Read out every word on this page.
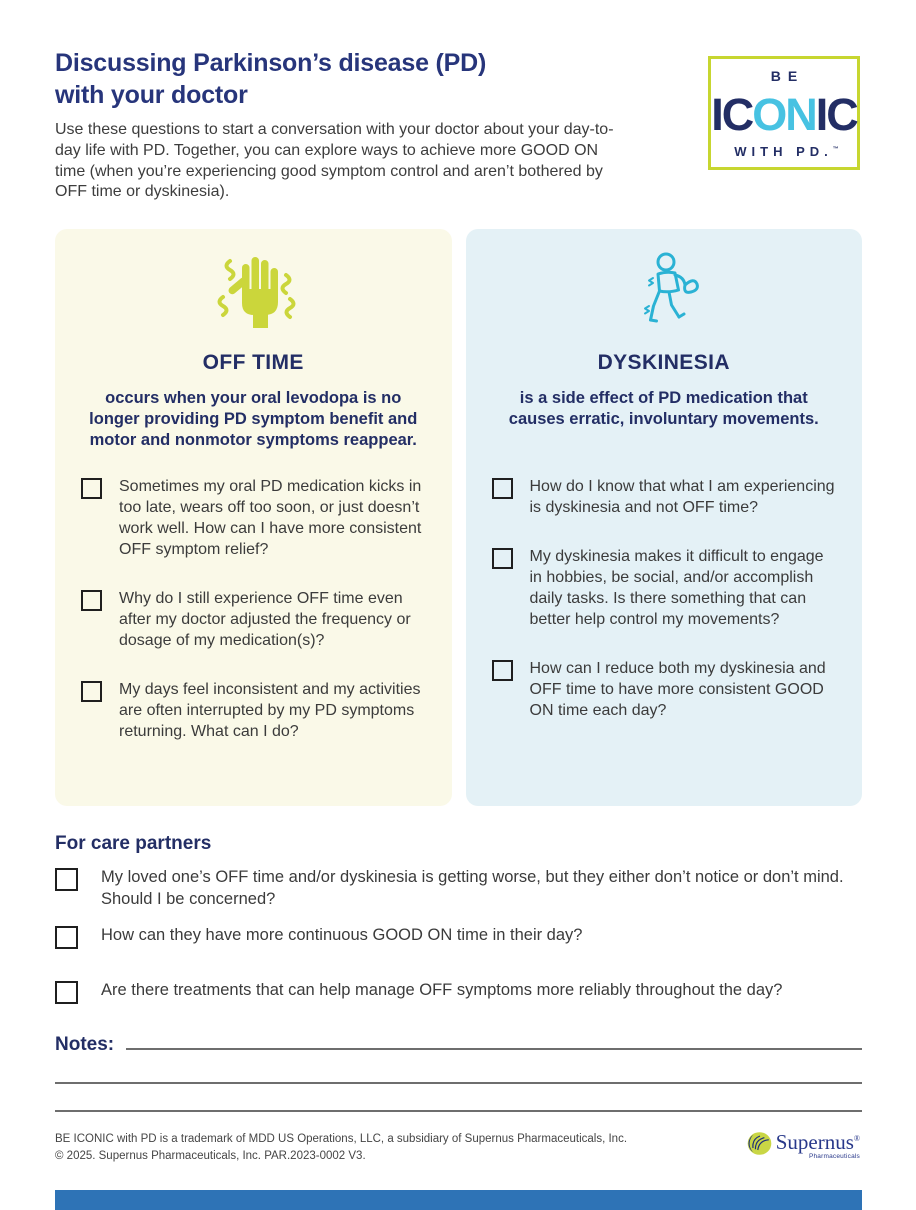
Discussing Parkinson’s disease (PD)
with your doctor

Use these questions to start a conversation with your doctor about your day-to-day life with PD. Together, you can explore ways to achieve more GOOD ON time (when you’re experiencing good symptom control and aren’t bothered by OFF time or dyskinesia).

BE
ICONIC
WITH PD.™
OFF TIME
occurs when your oral levodopa is no longer providing PD symptom benefit and motor and nonmotor symptoms reappear.

Sometimes my oral PD medication kicks in too late, wears off too soon, or just doesn’t work well. How can I have more consistent OFF symptom relief?

Why do I still experience OFF time even after my doctor adjusted the frequency or dosage of my medication(s)?

My days feel inconsistent and my activities are often interrupted by my PD symptoms returning. What can I do?

DYSKINESIA
is a side effect of PD medication that causes erratic, involuntary movements.

How do I know that what I am experiencing is dyskinesia and not OFF time?

My dyskinesia makes it difficult to engage in hobbies, be social, and/or accomplish daily tasks. Is there something that can better help control my movements?

How can I reduce both my dyskinesia and OFF time to have more consistent GOOD ON time each day?

For care partners

My loved one’s OFF time and/or dyskinesia is getting worse, but they either don’t notice or don’t mind. Should I be concerned?

How can they have more continuous GOOD ON time in their day?

Are there treatments that can help manage OFF symptoms more reliably throughout the day?

Notes:
BE ICONIC with PD is a trademark of MDD US Operations, LLC, a subsidiary of Supernus Pharmaceuticals, Inc.
© 2025. Supernus Pharmaceuticals, Inc. PAR.2023-0002 V3.
Supernus®
Pharmaceuticals
